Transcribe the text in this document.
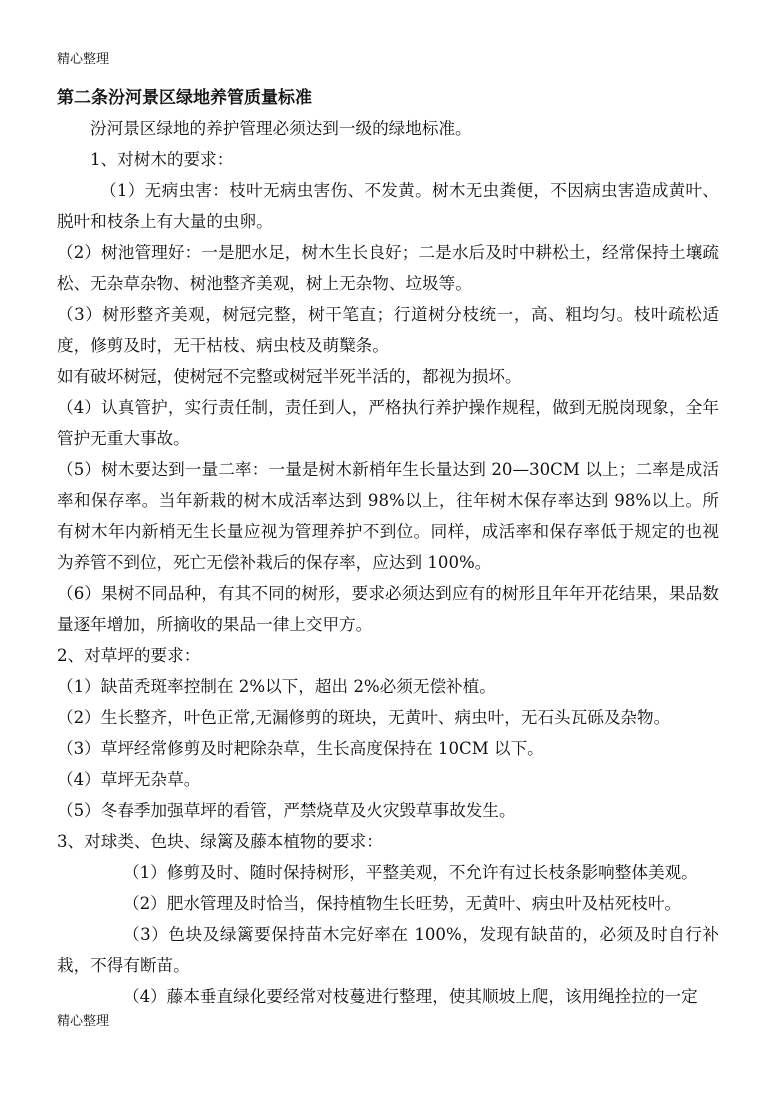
精心整理
第二条汾河景区绿地养管质量标准

汾河景区绿地的养护管理必须达到一级的绿地标准。

1、对树木的要求：

（1）无病虫害：枝叶无病虫害伤、不发黄。树木无虫粪便，不因病虫害造成黄叶、脱叶和枝条上有大量的虫卵。

（2）树池管理好：一是肥水足，树木生长良好；二是水后及时中耕松土，经常保持土壤疏松、无杂草杂物、树池整齐美观，树上无杂物、垃圾等。

（3）树形整齐美观，树冠完整，树干笔直；行道树分枝统一，高、粗均匀。枝叶疏松适度，修剪及时，无干枯枝、病虫枝及萌櫱条。

如有破坏树冠，使树冠不完整或树冠半死半活的，都视为损坏。

（4）认真管护，实行责任制，责任到人，严格执行养护操作规程，做到无脱岗现象，全年管护无重大事故。

（5）树木要达到一量二率：一量是树木新梢年生长量达到 20—30CM 以上；二率是成活率和保存率。当年新栽的树木成活率达到 98%以上，往年树木保存率达到 98%以上。所有树木年内新梢无生长量应视为管理养护不到位。同样，成活率和保存率低于规定的也视为养管不到位，死亡无偿补栽后的保存率，应达到 100%。

（6）果树不同品种，有其不同的树形，要求必须达到应有的树形且年年开花结果，果品数量逐年增加，所摘收的果品一律上交甲方。

2、对草坪的要求：

（1）缺苗秃斑率控制在 2%以下，超出 2%必须无偿补植。

（2）生长整齐，叶色正常,无漏修剪的斑块，无黄叶、病虫叶，无石头瓦砾及杂物。

（3）草坪经常修剪及时耙除杂草，生长高度保持在 10CM 以下。

（4）草坪无杂草。

（5）冬春季加强草坪的看管，严禁烧草及火灾毁草事故发生。

3、对球类、色块、绿篱及藤本植物的要求：

（1）修剪及时、随时保持树形，平整美观，不允许有过长枝条影响整体美观。

（2）肥水管理及时恰当，保持植物生长旺势，无黄叶、病虫叶及枯死枝叶。

（3）色块及绿篱要保持苗木完好率在 100%，发现有缺苗的，必须及时自行补栽，不得有断苗。

（4）藤本垂直绿化要经常对枝蔓进行整理，使其顺坡上爬，该用绳拴拉的一定

精心整理
